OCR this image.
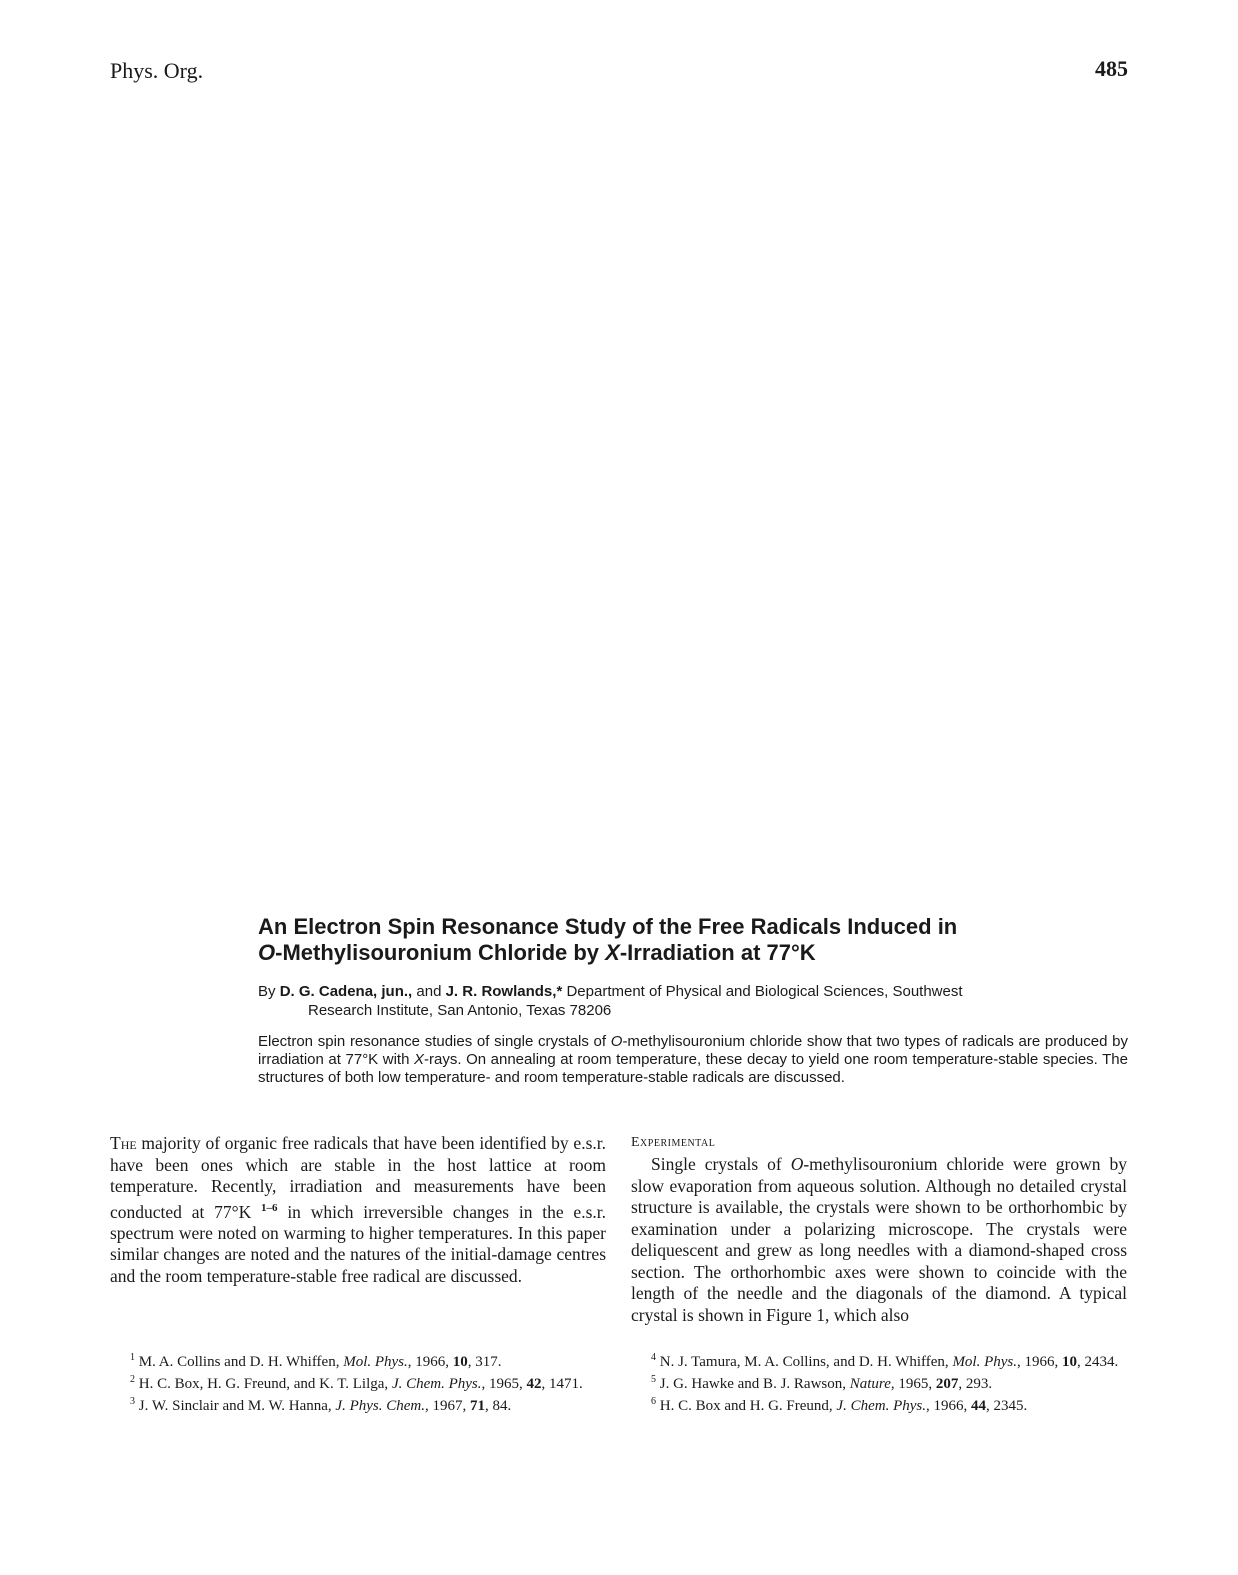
Phys. Org.	485
An Electron Spin Resonance Study of the Free Radicals Induced in
O-Methylisouronium Chloride by X-Irradiation at 77°K
By D. G. Cadena, jun., and J. R. Rowlands,* Department of Physical and Biological Sciences, Southwest
Research Institute, San Antonio, Texas 78206
Electron spin resonance studies of single crystals of O-methylisouronium chloride show that two types of radicals are produced by irradiation at 77°K with X-rays. On annealing at room temperature, these decay to yield one room temperature-stable species. The structures of both low temperature- and room temperature-stable radicals are discussed.

The majority of organic free radicals that have been identified by e.s.r. have been ones which are stable in the host lattice at room temperature. Recently, irradiation and measurements have been conducted at 77°K $^{1-6}$ in which irreversible changes in the e.s.r. spectrum were noted on warming to higher temperatures. In this paper similar changes are noted and the natures of the initial-damage centres and the room temperature-stable free radical are discussed.

Experimental

Single crystals of O-methylisouronium chloride were grown by slow evaporation from aqueous solution. Although no detailed crystal structure is available, the crystals were shown to be orthorhombic by examination under a polarizing microscope. The crystals were deliquescent and grew as long needles with a diamond-shaped cross section. The orthorhombic axes were shown to coincide with the length of the needle and the diagonals of the diamond. A typical crystal is shown in Figure 1, which also

$^1$ M. A. Collins and D. H. Whiffen, Mol. Phys., 1966, 10, 317.

$^2$ H. C. Box, H. G. Freund, and K. T. Lilga, J. Chem. Phys., 1965, 42, 1471.

$^3$ J. W. Sinclair and M. W. Hanna, J. Phys. Chem., 1967, 71, 84.

$^4$ N. J. Tamura, M. A. Collins, and D. H. Whiffen, Mol. Phys., 1966, 10, 2434.

$^5$ J. G. Hawke and B. J. Rawson, Nature, 1965, 207, 293.

$^6$ H. C. Box and H. G. Freund, J. Chem. Phys., 1966, 44, 2345.
